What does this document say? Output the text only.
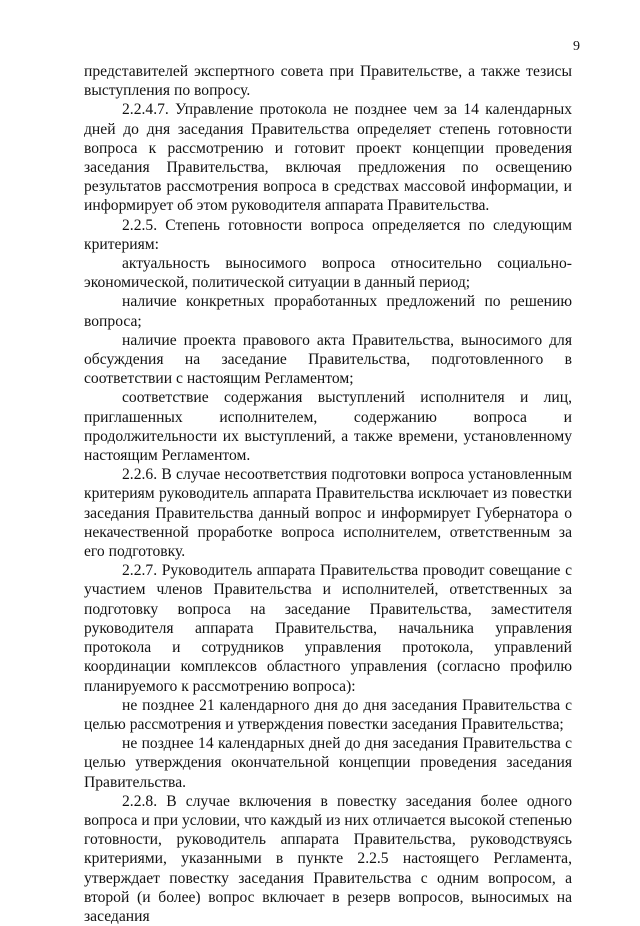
9

представителей экспертного совета при Правительстве, а также тезисы выступления по вопросу.

2.2.4.7. Управление протокола не позднее чем за 14 календарных дней до дня заседания Правительства определяет степень готовности вопроса к рассмотрению и готовит проект концепции проведения заседания Правительства, включая предложения по освещению результатов рассмотрения вопроса в средствах массовой информации, и информирует об этом руководителя аппарата Правительства.

2.2.5. Степень готовности вопроса определяется по следующим критериям:

актуальность выносимого вопроса относительно социально-экономической, политической ситуации в данный период;

наличие конкретных проработанных предложений по решению вопроса;

наличие проекта правового акта Правительства, выносимого для обсуждения на заседание Правительства, подготовленного в соответствии с настоящим Регламентом;

соответствие содержания выступлений исполнителя и лиц, приглашенных исполнителем, содержанию вопроса и продолжительности их выступлений, а также времени, установленному настоящим Регламентом.

2.2.6. В случае несоответствия подготовки вопроса установленным критериям руководитель аппарата Правительства исключает из повестки заседания Правительства данный вопрос и информирует Губернатора о некачественной проработке вопроса исполнителем, ответственным за его подготовку.

2.2.7. Руководитель аппарата Правительства проводит совещание с участием членов Правительства и исполнителей, ответственных за подготовку вопроса на заседание Правительства, заместителя руководителя аппарата Правительства, начальника управления протокола и сотрудников управления протокола, управлений координации комплексов областного управления (согласно профилю планируемого к рассмотрению вопроса):

не позднее 21 календарного дня до дня заседания Правительства с целью рассмотрения и утверждения повестки заседания Правительства;

не позднее 14 календарных дней до дня заседания Правительства с целью утверждения окончательной концепции проведения заседания Правительства.

2.2.8. В случае включения в повестку заседания более одного вопроса и при условии, что каждый из них отличается высокой степенью готовности, руководитель аппарата Правительства, руководствуясь критериями, указанными в пункте 2.2.5 настоящего Регламента, утверждает повестку заседания Правительства с одним вопросом, а второй (и более) вопрос включает в резерв вопросов, выносимых на заседания
